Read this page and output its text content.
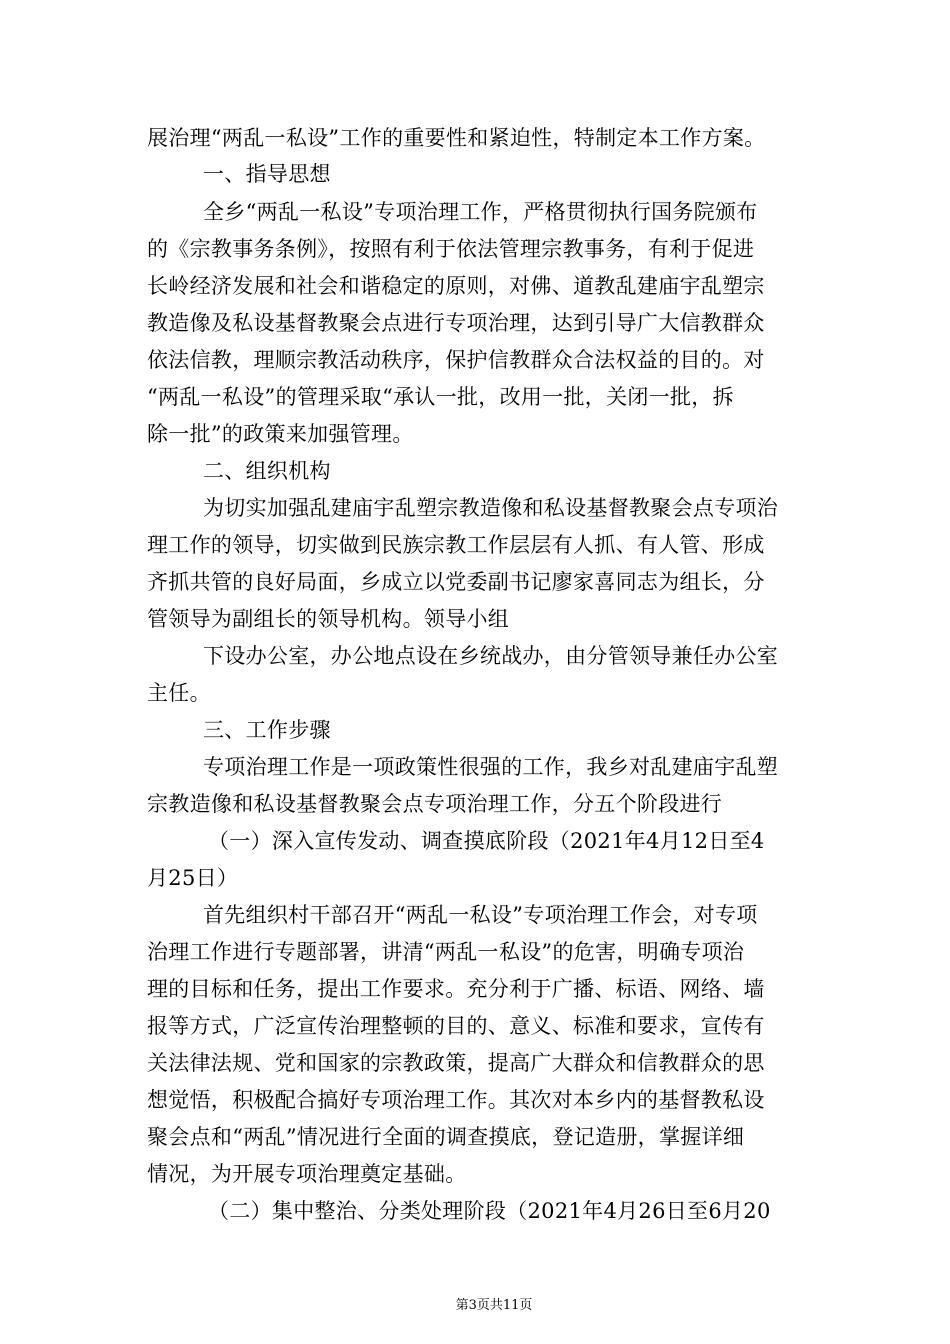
展治理“两乱一私设”工作的重要性和紧迫性，特制定本工作方案。
一、指导思想
全乡“两乱一私设”专项治理工作，严格贯彻执行国务院颁布
的《宗教事务条例》，按照有利于依法管理宗教事务，有利于促进
长岭经济发展和社会和谐稳定的原则，对佛、道教乱建庙宇乱塑宗
教造像及私设基督教聚会点进行专项治理，达到引导广大信教群众
依法信教，理顺宗教活动秩序，保护信教群众合法权益的目的。对
“两乱一私设”的管理采取“承认一批，改用一批，关闭一批，拆
除一批”的政策来加强管理。
二、组织机构
为切实加强乱建庙宇乱塑宗教造像和私设基督教聚会点专项治
理工作的领导，切实做到民族宗教工作层层有人抓、有人管、形成
齐抓共管的良好局面，乡成立以党委副书记廖家喜同志为组长，分
管领导为副组长的领导机构。领导小组
下设办公室，办公地点设在乡统战办，由分管领导兼任办公室
主任。
三、工作步骤
专项治理工作是一项政策性很强的工作，我乡对乱建庙宇乱塑
宗教造像和私设基督教聚会点专项治理工作，分五个阶段进行
（一）深入宣传发动、调查摸底阶段（2021年4月12日至4
月25日）
首先组织村干部召开“两乱一私设”专项治理工作会，对专项
治理工作进行专题部署，讲清“两乱一私设”的危害，明确专项治
理的目标和任务，提出工作要求。充分利于广播、标语、网络、墙
报等方式，广泛宣传治理整顿的目的、意义、标准和要求，宣传有
关法律法规、党和国家的宗教政策，提高广大群众和信教群众的思
想觉悟，积极配合搞好专项治理工作。其次对本乡内的基督教私设
聚会点和“两乱”情况进行全面的调查摸底，登记造册，掌握详细
情况，为开展专项治理奠定基础。
（二）集中整治、分类处理阶段（2021年4月26日至6月20
第3页共11页
